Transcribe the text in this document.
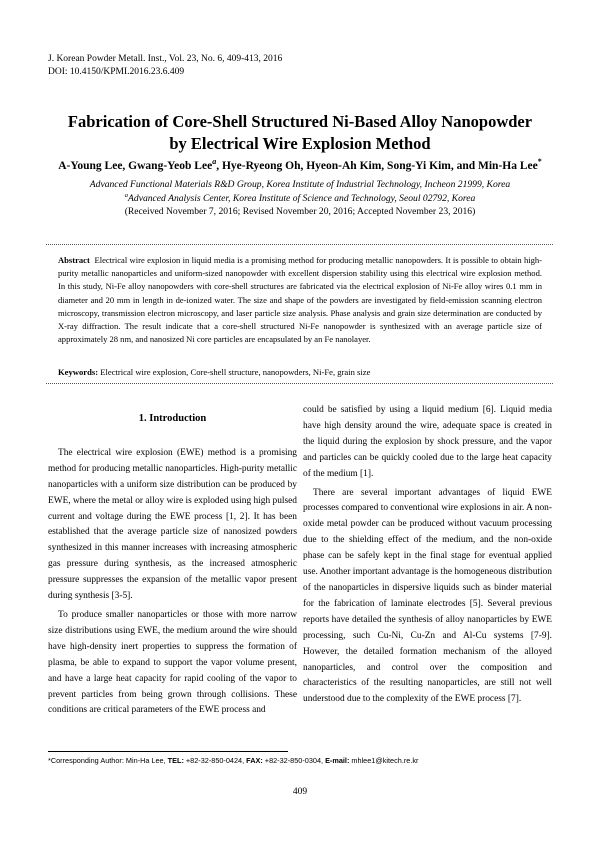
J. Korean Powder Metall. Inst., Vol. 23, No. 6, 409-413, 2016
DOI: 10.4150/KPMI.2016.23.6.409
Fabrication of Core-Shell Structured Ni-Based Alloy Nanopowder
by Electrical Wire Explosion Method
A-Young Lee, Gwang-Yeob Lee$^a$, Hye-Ryeong Oh, Hyeon-Ah Kim, Song-Yi Kim, and Min-Ha Lee*
Advanced Functional Materials R&D Group, Korea Institute of Industrial Technology, Incheon 21999, Korea
$^a$Advanced Analysis Center, Korea Institute of Science and Technology, Seoul 02792, Korea
(Received November 7, 2016; Revised November 20, 2016; Accepted November 23, 2016)
Abstract Electrical wire explosion in liquid media is a promising method for producing metallic nanopowders. It is possible to obtain high-purity metallic nanoparticles and uniform-sized nanopowder with excellent dispersion stability using this electrical wire explosion method. In this study, Ni-Fe alloy nanopowders with core-shell structures are fabricated via the electrical explosion of Ni-Fe alloy wires 0.1 mm in diameter and 20 mm in length in de-ionized water. The size and shape of the powders are investigated by field-emission scanning electron microscopy, transmission electron microscopy, and laser particle size analysis. Phase analysis and grain size determination are conducted by X-ray diffraction. The result indicate that a core-shell structured Ni-Fe nanopowder is synthesized with an average particle size of approximately 28 nm, and nanosized Ni core particles are encapsulated by an Fe nanolayer.
Keywords: Electrical wire explosion, Core-shell structure, nanopowders, Ni-Fe, grain size
1. Introduction

The electrical wire explosion (EWE) method is a promising method for producing metallic nanoparticles. High-purity metallic nanoparticles with a uniform size distribution can be produced by EWE, where the metal or alloy wire is exploded using high pulsed current and voltage during the EWE process [1, 2]. It has been established that the average particle size of nanosized powders synthesized in this manner increases with increasing atmospheric gas pressure during synthesis, as the increased atmospheric pressure suppresses the expansion of the metallic vapor present during synthesis [3-5].

To produce smaller nanoparticles or those with more narrow size distributions using EWE, the medium around the wire should have high-density inert properties to suppress the formation of plasma, be able to expand to support the vapor volume present, and have a large heat capacity for rapid cooling of the vapor to prevent particles from being grown through collisions. These conditions are critical parameters of the EWE process and

could be satisfied by using a liquid medium [6]. Liquid media have high density around the wire, adequate space is created in the liquid during the explosion by shock pressure, and the vapor and particles can be quickly cooled due to the large heat capacity of the medium [1].

There are several important advantages of liquid EWE processes compared to conventional wire explosions in air. A non-oxide metal powder can be produced without vacuum processing due to the shielding effect of the medium, and the non-oxide phase can be safely kept in the final stage for eventual applied use. Another important advantage is the homogeneous distribution of the nanoparticles in dispersive liquids such as binder material for the fabrication of laminate electrodes [5]. Several previous reports have detailed the synthesis of alloy nanoparticles by EWE processing, such Cu-Ni, Cu-Zn and Al-Cu systems [7-9]. However, the detailed formation mechanism of the alloyed nanoparticles, and control over the composition and characteristics of the resulting nanoparticles, are still not well understood due to the complexity of the EWE process [7].

*Corresponding Author: Min-Ha Lee, TEL: +82-32-850-0424, FAX: +82-32-850-0304, E-mail: mhlee1@kitech.re.kr
409
